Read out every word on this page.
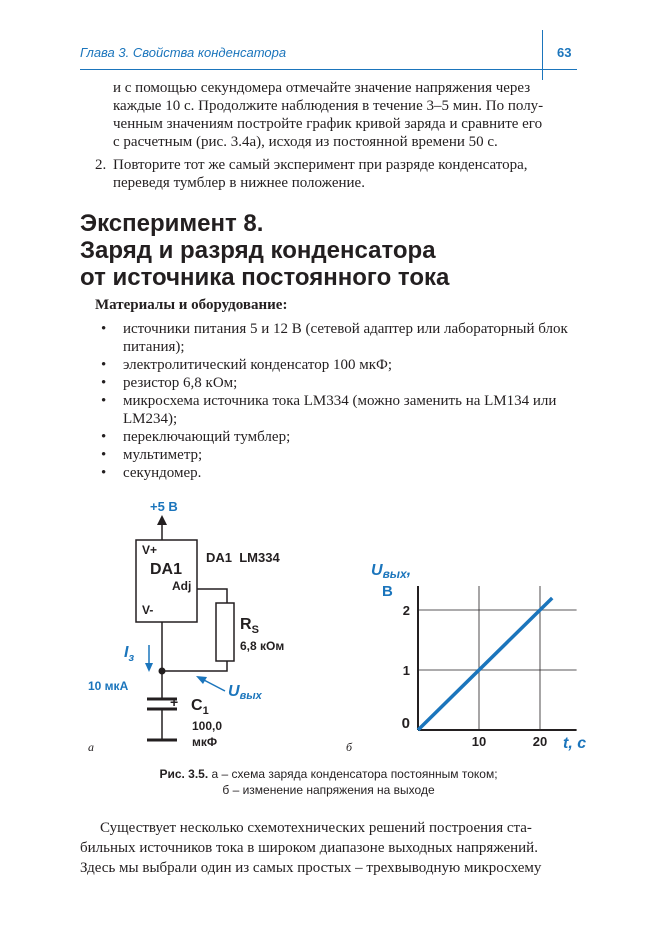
Глава 3. Свойства конденсатора	63
и с помощью секундомера отмечайте значение напряжения через
каждые 10 с. Продолжите наблюдения в течение 3–5 мин. По полу-
ченным значениям постройте график кривой заряда и сравните его
с расчетным (рис. 3.4а), исходя из постоянной времени 50 с.
2. Повторите тот же самый эксперимент при разряде конденсатора,
переведя тумблер в нижнее положение.
Эксперимент 8.
Заряд и разряд конденсатора
от источника постоянного тока
Материалы и оборудование:
• источники питания 5 и 12 В (сетевой адаптер или лабораторный блок питания);
• электролитический конденсатор 100 мкФ;
• резистор 6,8 кОм;
• микросхема источника тока LM334 (можно заменить на LM134 или LM234);
• переключающий тумблер;
• мультиметр;
• секундомер.
+5 В
V+
DA1
Adj
V-
DA1  LM334
$R_S$
6,8 кОм
$I_з$
10 мкА	Uвых
+ $C_1$
100,0
мкФ
а	10	20
1
2
0
Uвых,
В
t, с
б
Рис. 3.5. а – схема заряда конденсатора постоянным током;
б – изменение напряжения на выходе

Существует несколько схемотехнических решений построения ста-

бильных источников тока в широком диапазоне выходных напряжений.

Здесь мы выбрали один из самых простых – трехвыводную микросхему
